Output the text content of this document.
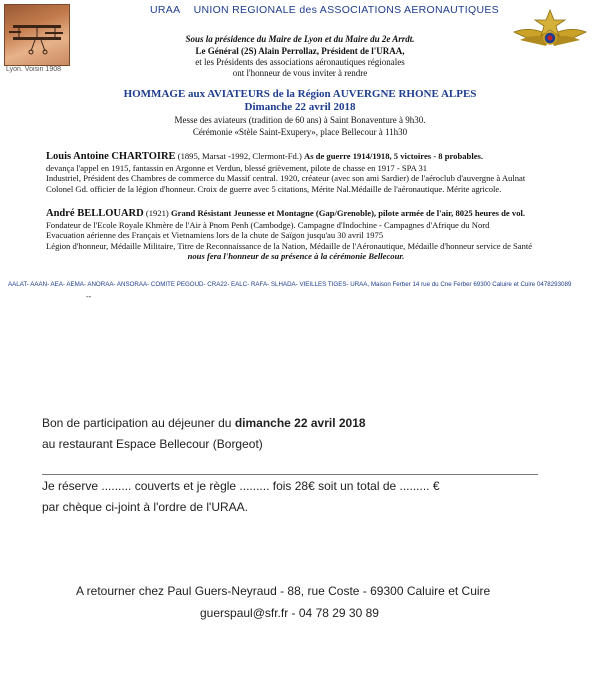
Lyon. Voisin 1908
URAA UNION REGIONALE des ASSOCIATIONS AERONAUTIQUES
Sous la présidence du Maire de Lyon et du Maire du 2e Arrdt.
Le Général (2S) Alain Perrollaz, Président de l'URAA,
et les Présidents des associations aéronautiques régionales
ont l'honneur de vous inviter à rendre
HOMMAGE aux AVIATEURS de la Région AUVERGNE RHONE ALPES
Dimanche 22 avril 2018
Messe des aviateurs (tradition de 60 ans) à Saint Bonaventure à 9h30.
Cérémonie «Stèle Saint-Exupery», place Bellecour à 11h30
Louis Antoine CHARTOIRE (1895, Marsat -1992, Clermont-Fd.) As de guerre 1914/1918, 5 victoires - 8 probables.
devança l'appel en 1915, fantassin en Argonne et Verdun, blessé grièvement, pilote de chasse en 1917 - SPA 31
Industriel, Président des Chambres de commerce du Massif central. 1920, créateur (avec son ami Sardier) de l'aéroclub d'auvergne à Aulnat
Colonel Gd. officier de la légion d'honneur. Croix de guerre avec 5 citations, Mérite Nal.Médaille de l'aéronautique. Mérite agricole.
André BELLOUARD (1921) Grand Résistant Jeunesse et Montagne (Gap/Grenoble), pilote armée de l'air, 8025 heures de vol.
Fondateur de l'Ecole Royale Khmère de l'Air à Pnom Penh (Cambodge). Campagne d'Indochine - Campagnes d'Afrique du Nord
Evacuation aérienne des Français et Vietnamiens lors de la chute de Saïgon jusqu'au 30 avril 1975
Légion d'honneur, Médaille Militaire, Titre de Reconnaissance de la Nation, Médaille de l'Aéronautique, Médaille d'honneur service de Santé
nous fera l'honneur de sa présence à la cérémonie Bellecour.
AALAT- AAAN- AEA- AEMA- ANORAA- ANSORAA- COMITE PEGOUD- CRA22- EALC- RAFA- SLHADA- VIEILLES TIGES- URAA, Maison Ferber 14 rue du Cne Ferber 69300 Caluire et Cuire 0478293089
--
Bon de participation au déjeuner du dimanche 22 avril 2018
au restaurant Espace Bellecour (Borgeot)
Je réserve ......... couverts et je règle ......... fois 28€ soit un total de ......... €
par chèque ci-joint à l'ordre de l'URAA.
A retourner chez Paul Guers-Neyraud - 88, rue Coste - 69300 Caluire et Cuire
guerspaul@sfr.fr - 04 78 29 30 89
